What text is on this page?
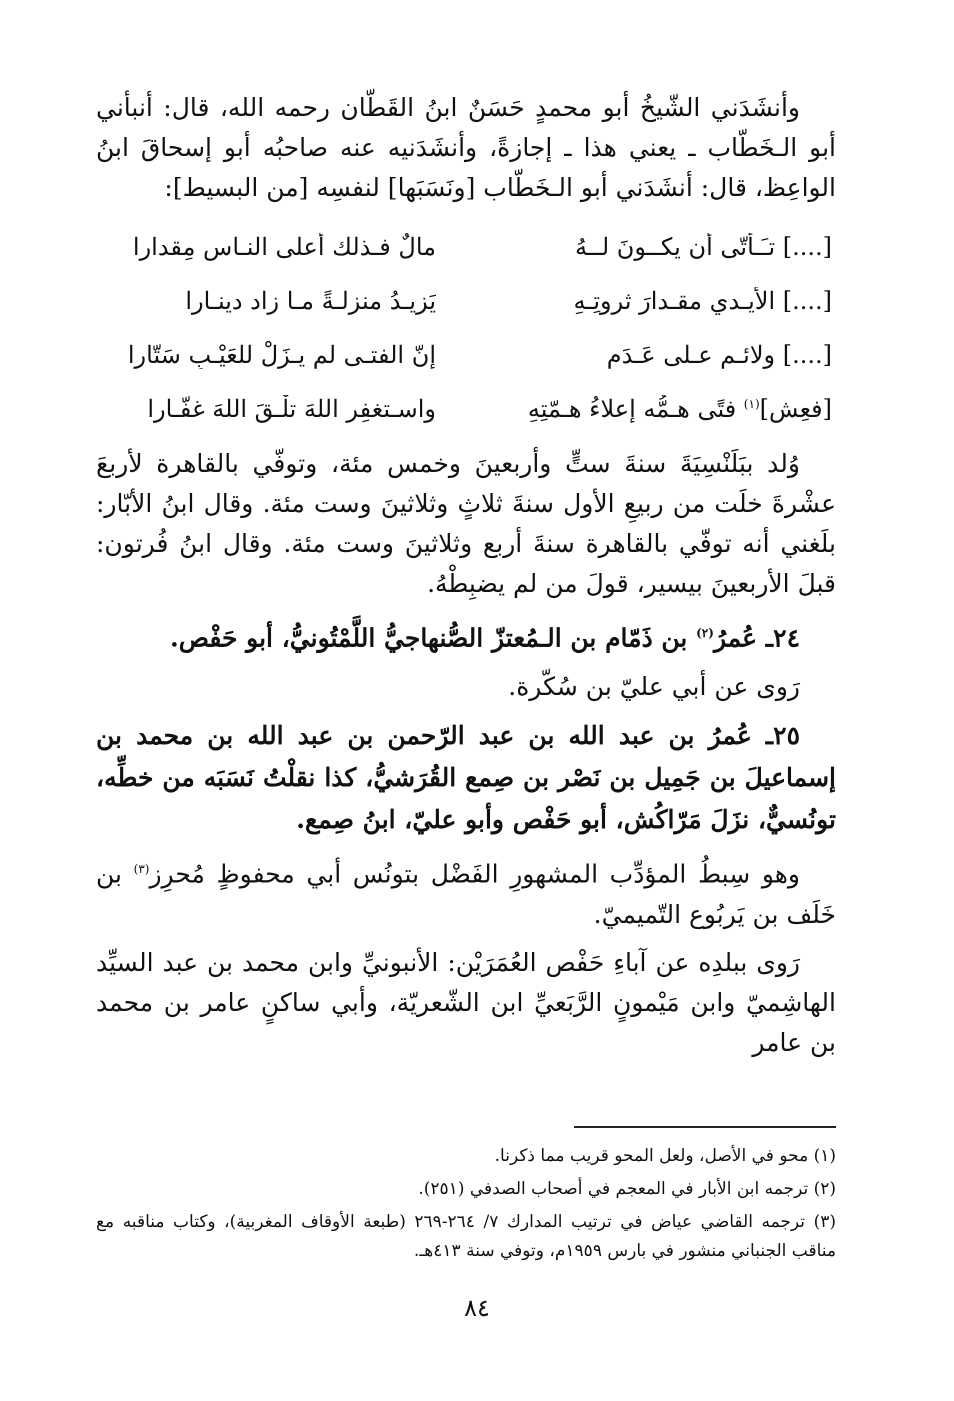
وأنشَدَني الشّيخُ أبو محمدٍ حَسَنٌ ابنُ القَطّان رحمه الله، قال: أنبأني أبو الـخَطّاب ـ يعني هذا ـ إجازةً، وأنشَدَنيه عنه صاحبُه أبو إسحاقَ ابنُ الواعِظ، قال: أنشَدَني أبو الـخَطّاب [ونَسَبَها] لنفسِه [من البسيط]:

[....] تـَـأتّى أن يكــونَ لــهُ
مالٌ فـذلك أعلى النـاسِ مِقدارا
[....] الأيـدي مقـدارَ ثروتِـهِ
يَزيـدُ منزلـةً مـا زاد دينـارا
[....] ولائـم عـلى عَـدَم
إنّ الفتـى لم يـزَلْ للعَيْـبِ سَتّارا
[فعِش]$^{(١)}$ فتًى هـمُّه إعلاءُ هـمّتِهِ
واسـتغفِرِ اللهَ تلْـقَ اللهَ غفّـارا

وُلد ببَلَنْسِيَةَ سنةَ ستٍّ وأربعينَ وخمس مئة، وتوفّي بالقاهرة لأربعَ عشْرةَ خلَت من ربيعِ الأول سنةَ ثلاثٍ وثلاثينَ وست مئة. وقال ابنُ الأبّار: بلَغني أنه توفّي بالقاهرة سنةَ أربع وثلاثينَ وست مئة. وقال ابنُ فُرتون: قبلَ الأربعينَ بيسير، قولَ من لم يضبِطْهُ.

٢٤ـ عُمرُ$^{(٢)}$ بن ذَمّام بن الـمُعتزّ الصُّنهاجيُّ اللَّمْتُونيُّ، أبو حَفْص.

رَوى عن أبي عليّ بن سُكّرة.

٢٥ـ عُمرُ بن عبد الله بن عبد الرّحمن بن عبد الله بن محمد بن إسماعيلَ بن جَمِيل بن نَصْر بن صِمع القُرَشيُّ، كذا نقلْتُ نَسَبَه من خطِّه، تونُسيٌّ، نزَلَ مَرّاكُش، أبو حَفْص وأبو عليّ، ابنُ صِمع.

وهو سِبطُ المؤدِّب المشهورِ الفَضْل بتونُس أبي محفوظٍ مُحرِز$^{(٣)}$ بن خَلَف بن يَربُوع التّميميّ.

رَوى ببلدِه عن آباءِ حَفْص العُمَرَيْن: الأنبونيِّ وابن محمد بن عبد السيِّد الهاشِميّ وابن مَيْمونٍ الرَّبَعيِّ ابن الشّعريّة، وأبي ساكنٍ عامر بن محمد بن عامر

(١) محو في الأصل، ولعل المحو قريب مما ذكرنا.

(٢) ترجمه ابن الأبار في المعجم في أصحاب الصدفي (٢٥١).

(٣) ترجمه القاضي عياض في ترتيب المدارك ٧/ ٢٦٤-٢٦٩ (طبعة الأوقاف المغربية)، وكتاب مناقبه مع مناقب الجنباني منشور في بارس ١٩٥٩م، وتوفي سنة ٤١٣هـ.

٨٤
